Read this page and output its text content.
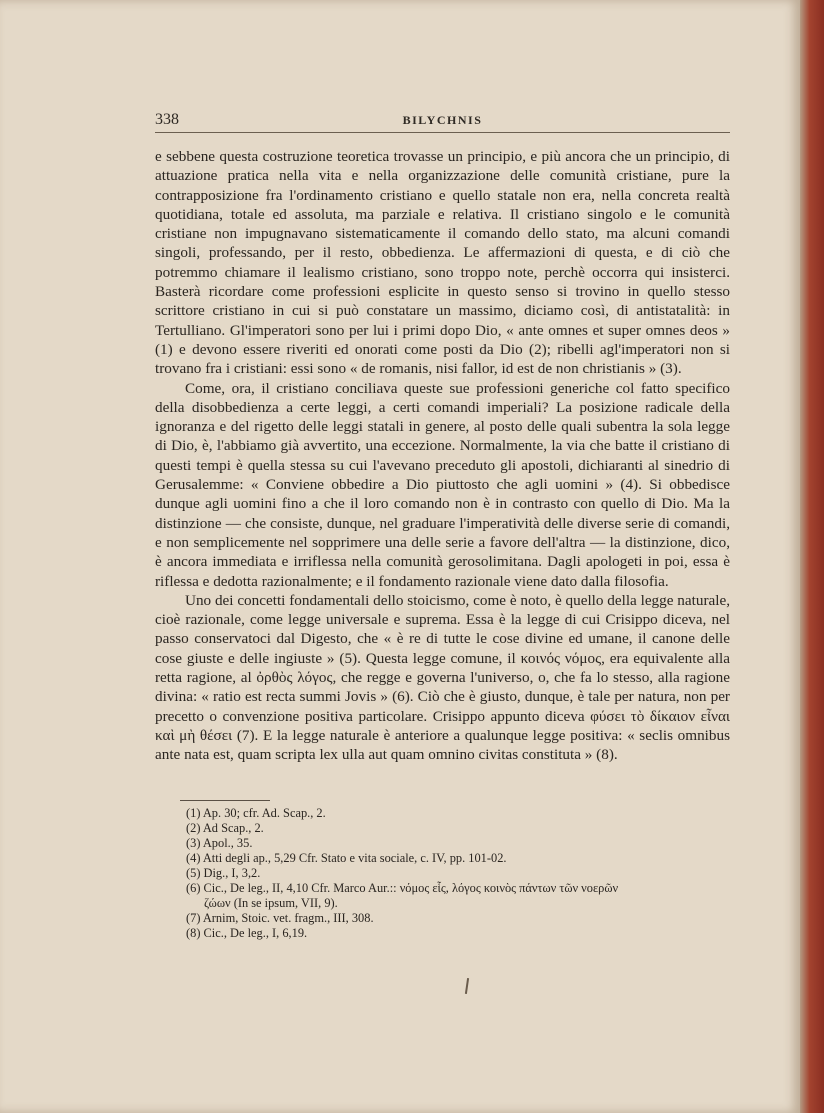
338	BILYCHNIS

e sebbene questa costruzione teoretica trovasse un principio, e più ancora che un principio, di attuazione pratica nella vita e nella organizzazione delle comunità cristiane, pure la contrapposizione fra l'ordinamento cristiano e quello statale non era, nella concreta realtà quotidiana, totale ed assoluta, ma parziale e relativa. Il cristiano singolo e le comunità cristiane non impugnavano sistematicamente il comando dello stato, ma alcuni comandi singoli, professando, per il resto, obbedienza. Le affermazioni di questa, e di ciò che potremmo chiamare il lealismo cristiano, sono troppo note, perchè occorra qui insisterci. Basterà ricordare come professioni esplicite in questo senso si trovino in quello stesso scrittore cristiano in cui si può constatare un massimo, diciamo così, di antistatalità: in Tertulliano. Gl'imperatori sono per lui i primi dopo Dio, « ante omnes et super omnes deos » (1) e devono essere riveriti ed onorati come posti da Dio (2); ribelli agl'imperatori non si trovano fra i cristiani: essi sono « de romanis, nisi fallor, id est de non christianis » (3).

Come, ora, il cristiano conciliava queste sue professioni generiche col fatto specifico della disobbedienza a certe leggi, a certi comandi imperiali? La posizione radicale della ignoranza e del rigetto delle leggi statali in genere, al posto delle quali subentra la sola legge di Dio, è, l'abbiamo già avvertito, una eccezione. Normalmente, la via che batte il cristiano di questi tempi è quella stessa su cui l'avevano preceduto gli apostoli, dichiaranti al sinedrio di Gerusalemme: « Conviene obbedire a Dio piuttosto che agli uomini » (4). Si obbedisce dunque agli uomini fino a che il loro comando non è in contrasto con quello di Dio. Ma la distinzione — che consiste, dunque, nel graduare l'imperatività delle diverse serie di comandi, e non semplicemente nel sopprimere una delle serie a favore dell'altra — la distinzione, dico, è ancora immediata e irriflessa nella comunità gerosolimitana. Dagli apologeti in poi, essa è riflessa e dedotta razionalmente; e il fondamento razionale viene dato dalla filosofia.

Uno dei concetti fondamentali dello stoicismo, come è noto, è quello della legge naturale, cioè razionale, come legge universale e suprema. Essa è la legge di cui Crisippo diceva, nel passo conservatoci dal Digesto, che « è re di tutte le cose divine ed umane, il canone delle cose giuste e delle ingiuste » (5). Questa legge comune, il κοινός νόμος, era equivalente alla retta ragione, al ὀρθὸς λόγος, che regge e governa l'universo, o, che fa lo stesso, alla ragione divina: « ratio est recta summi Jovis » (6). Ciò che è giusto, dunque, è tale per natura, non per precetto o convenzione positiva particolare. Crisippo appunto diceva φύσει τὸ δίκαιον εἶναι καὶ μὴ θέσει (7). E la legge naturale è anteriore a qualunque legge positiva: « seclis omnibus ante nata est, quam scripta lex ulla aut quam omnino civitas constituta » (8).

(1) Ap. 30; cfr. Ad. Scap., 2.
(2) Ad Scap., 2.
(3) Apol., 35.
(4) Atti degli ap., 5,29 Cfr. Stato e vita sociale, c. IV, pp. 101-02.
(5) Dig., I, 3,2.
(6) Cic., De leg., II, 4,10 Cfr. Marco Aur.:: νόμος εἷς, λόγος κοινὸς πάντων τῶν νοερῶν
ζώων (In se ipsum, VII, 9).
(7) Arnim, Stoic. vet. fragm., III, 308.
(8) Cic., De leg., I, 6,19.
